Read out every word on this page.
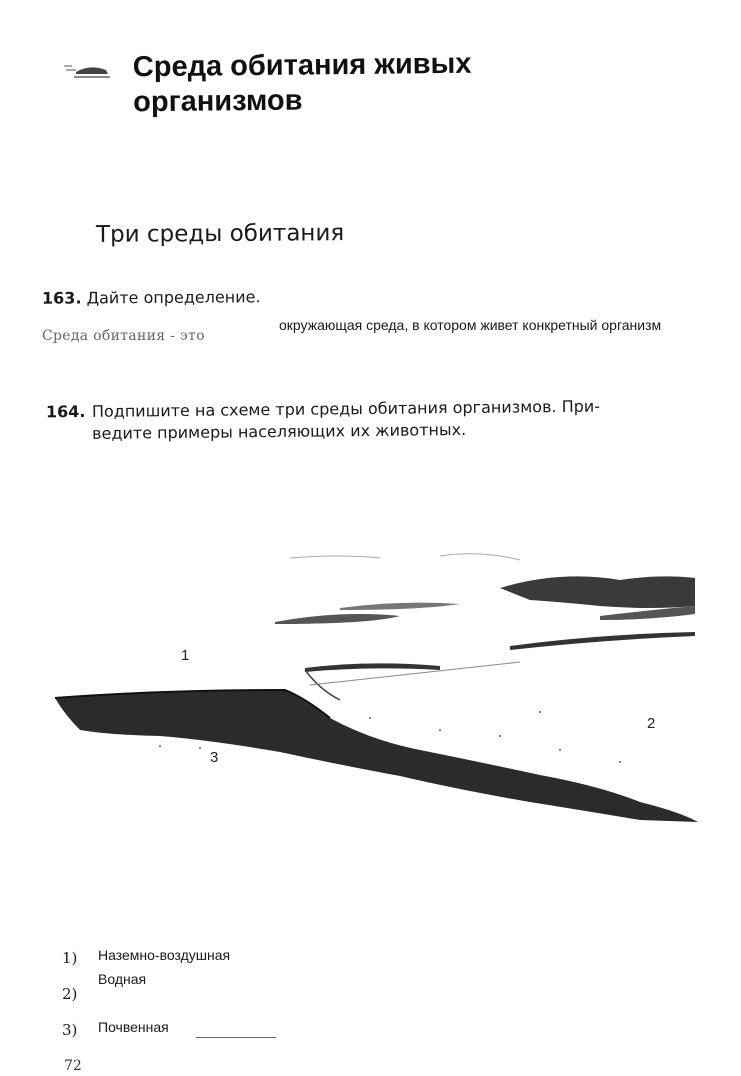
Среда обитания живых организмов
Три среды обитания
163. Дайте определение.
Среда обитания - это
окружающая среда, в котором живет конкретный организм
164. Подпишите на схеме три среды обитания организмов. При-
ведите примеры населяющих их животных.
1
2
3
1) Наземно-воздушная
2)
Водная
3) Почвенная
72
